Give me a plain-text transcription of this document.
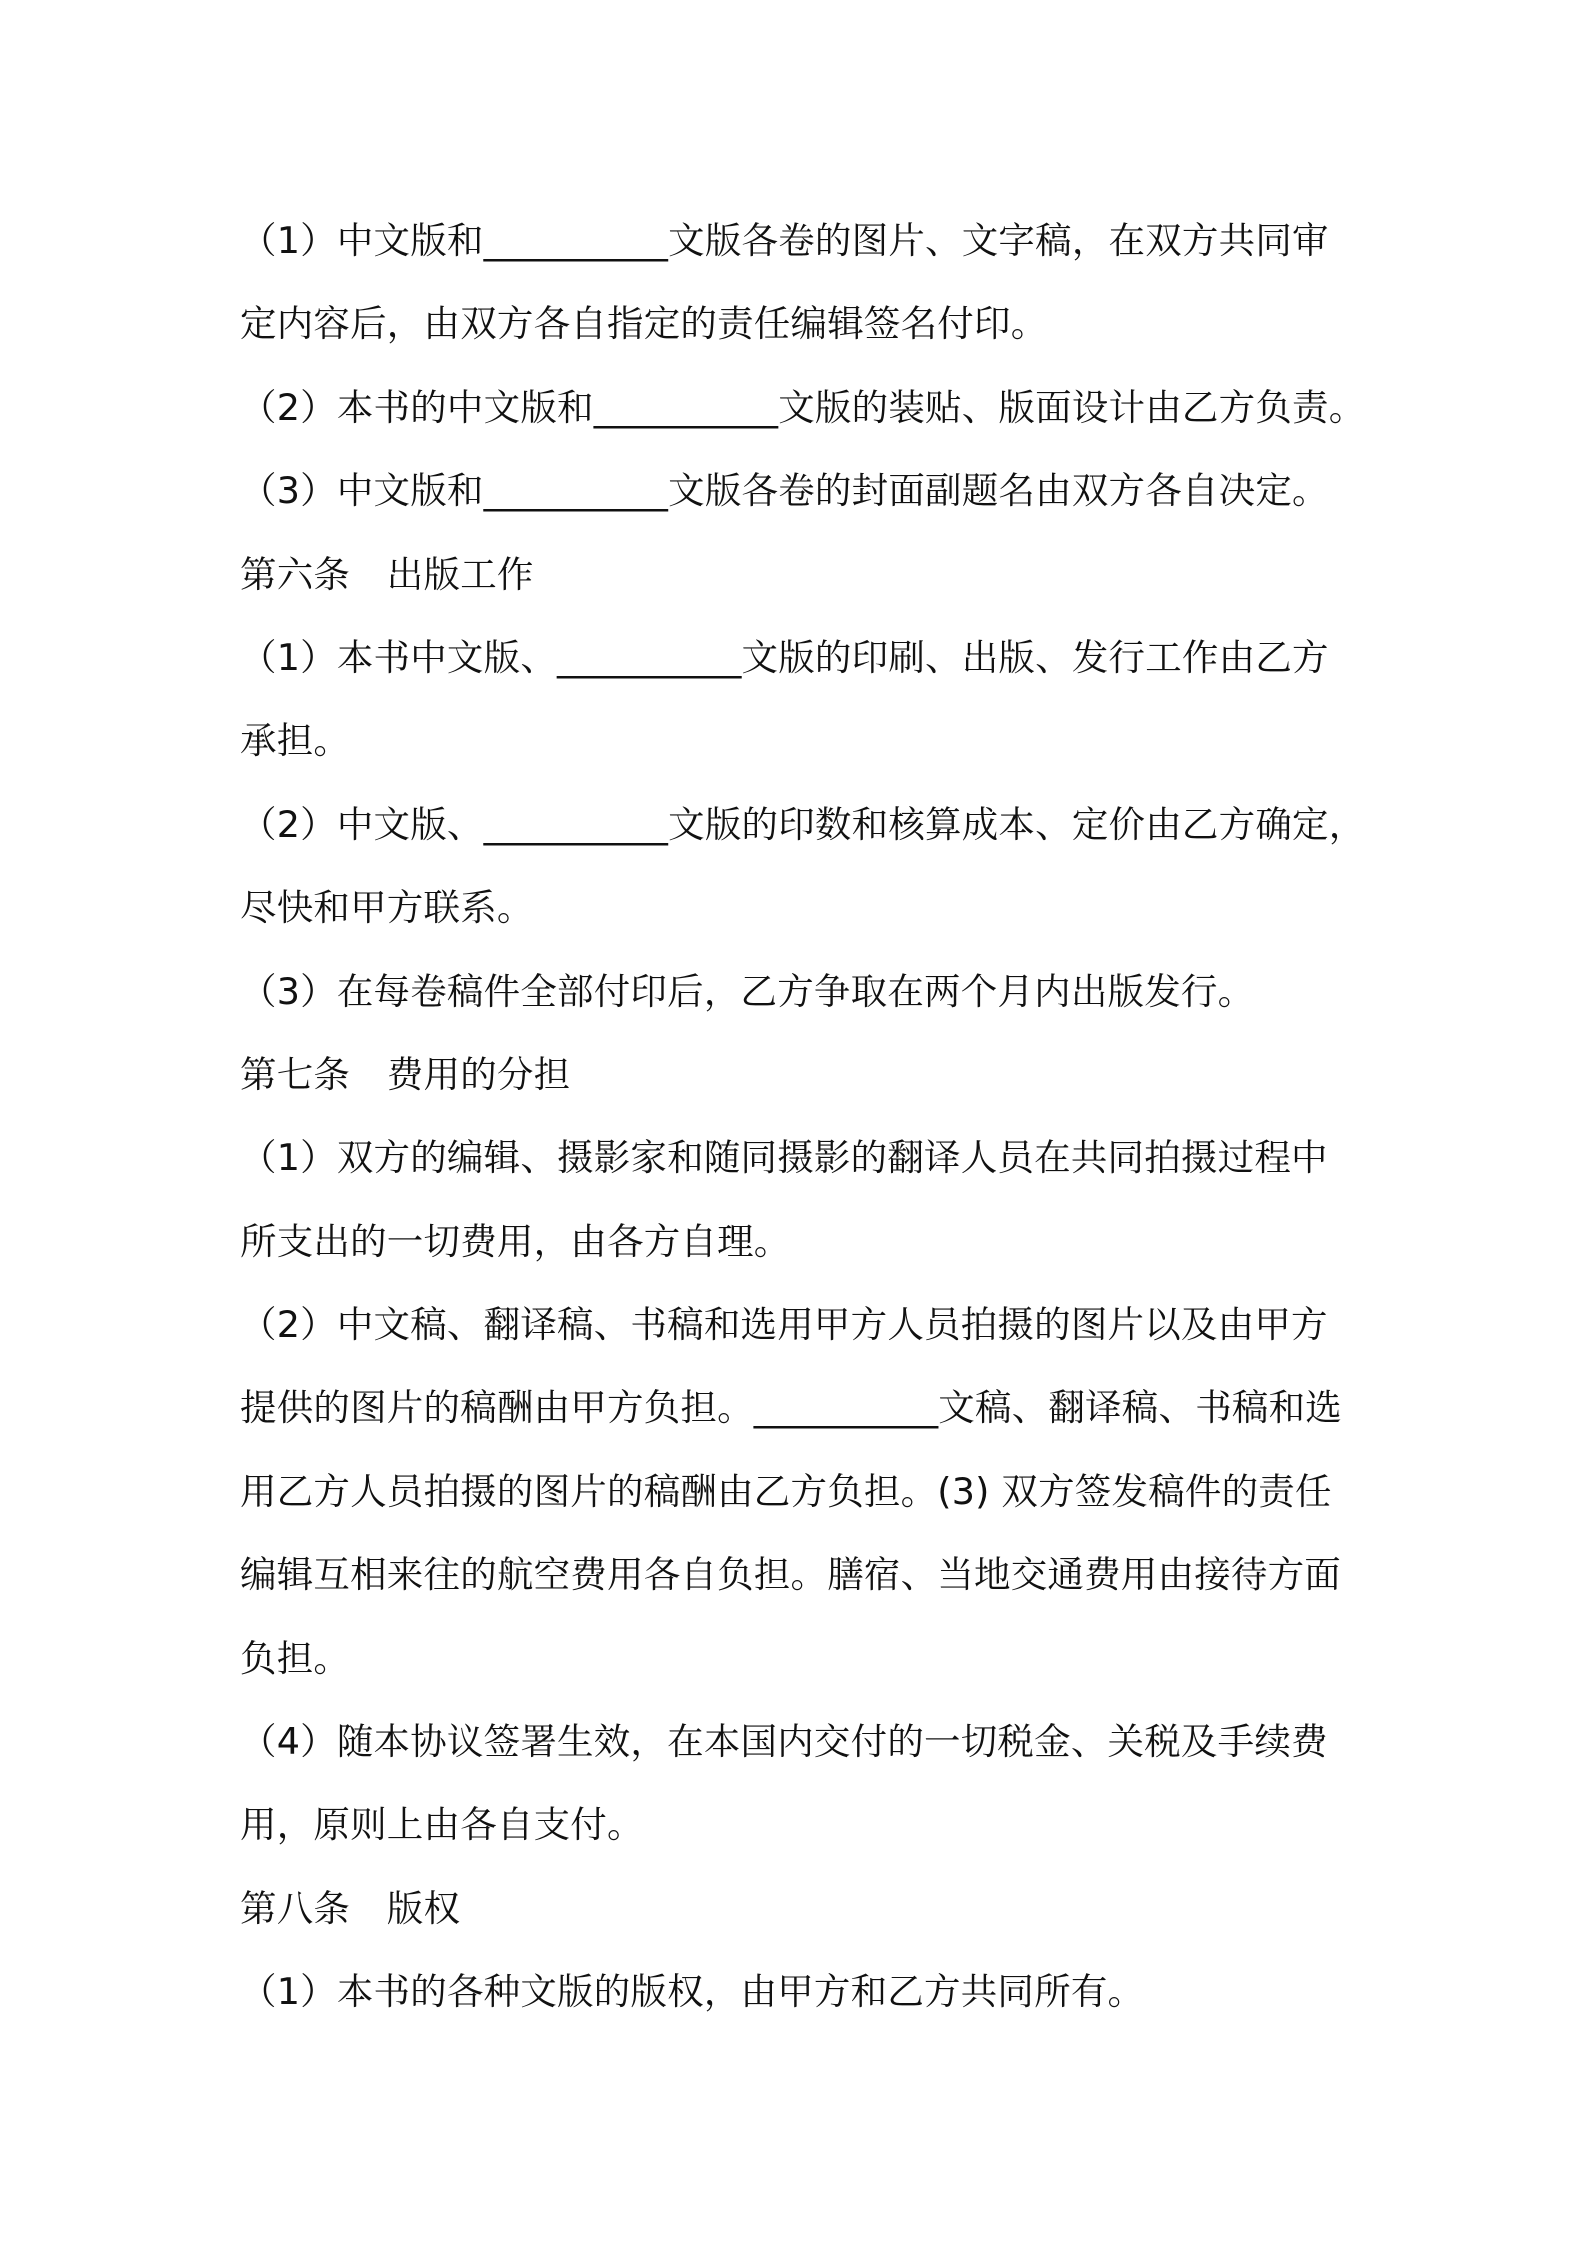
（1）中文版和__________文版各卷的图片、文字稿，在双方共同审
定内容后，由双方各自指定的责任编辑签名付印。
（2）本书的中文版和__________文版的装贴、版面设计由乙方负责。
（3）中文版和__________文版各卷的封面副题名由双方各自决定。
第六条　出版工作
（1）本书中文版、__________文版的印刷、出版、发行工作由乙方
承担。
（2）中文版、__________文版的印数和核算成本、定价由乙方确定，
尽快和甲方联系。
（3）在每卷稿件全部付印后，乙方争取在两个月内出版发行。
第七条　费用的分担
（1）双方的编辑、摄影家和随同摄影的翻译人员在共同拍摄过程中
所支出的一切费用，由各方自理。
（2）中文稿、翻译稿、书稿和选用甲方人员拍摄的图片以及由甲方
提供的图片的稿酬由甲方负担。__________文稿、翻译稿、书稿和选
用乙方人员拍摄的图片的稿酬由乙方负担。(3) 双方签发稿件的责任
编辑互相来往的航空费用各自负担。膳宿、当地交通费用由接待方面
负担。
（4）随本协议签署生效，在本国内交付的一切税金、关税及手续费
用，原则上由各自支付。
第八条　版权
（1）本书的各种文版的版权，由甲方和乙方共同所有。
